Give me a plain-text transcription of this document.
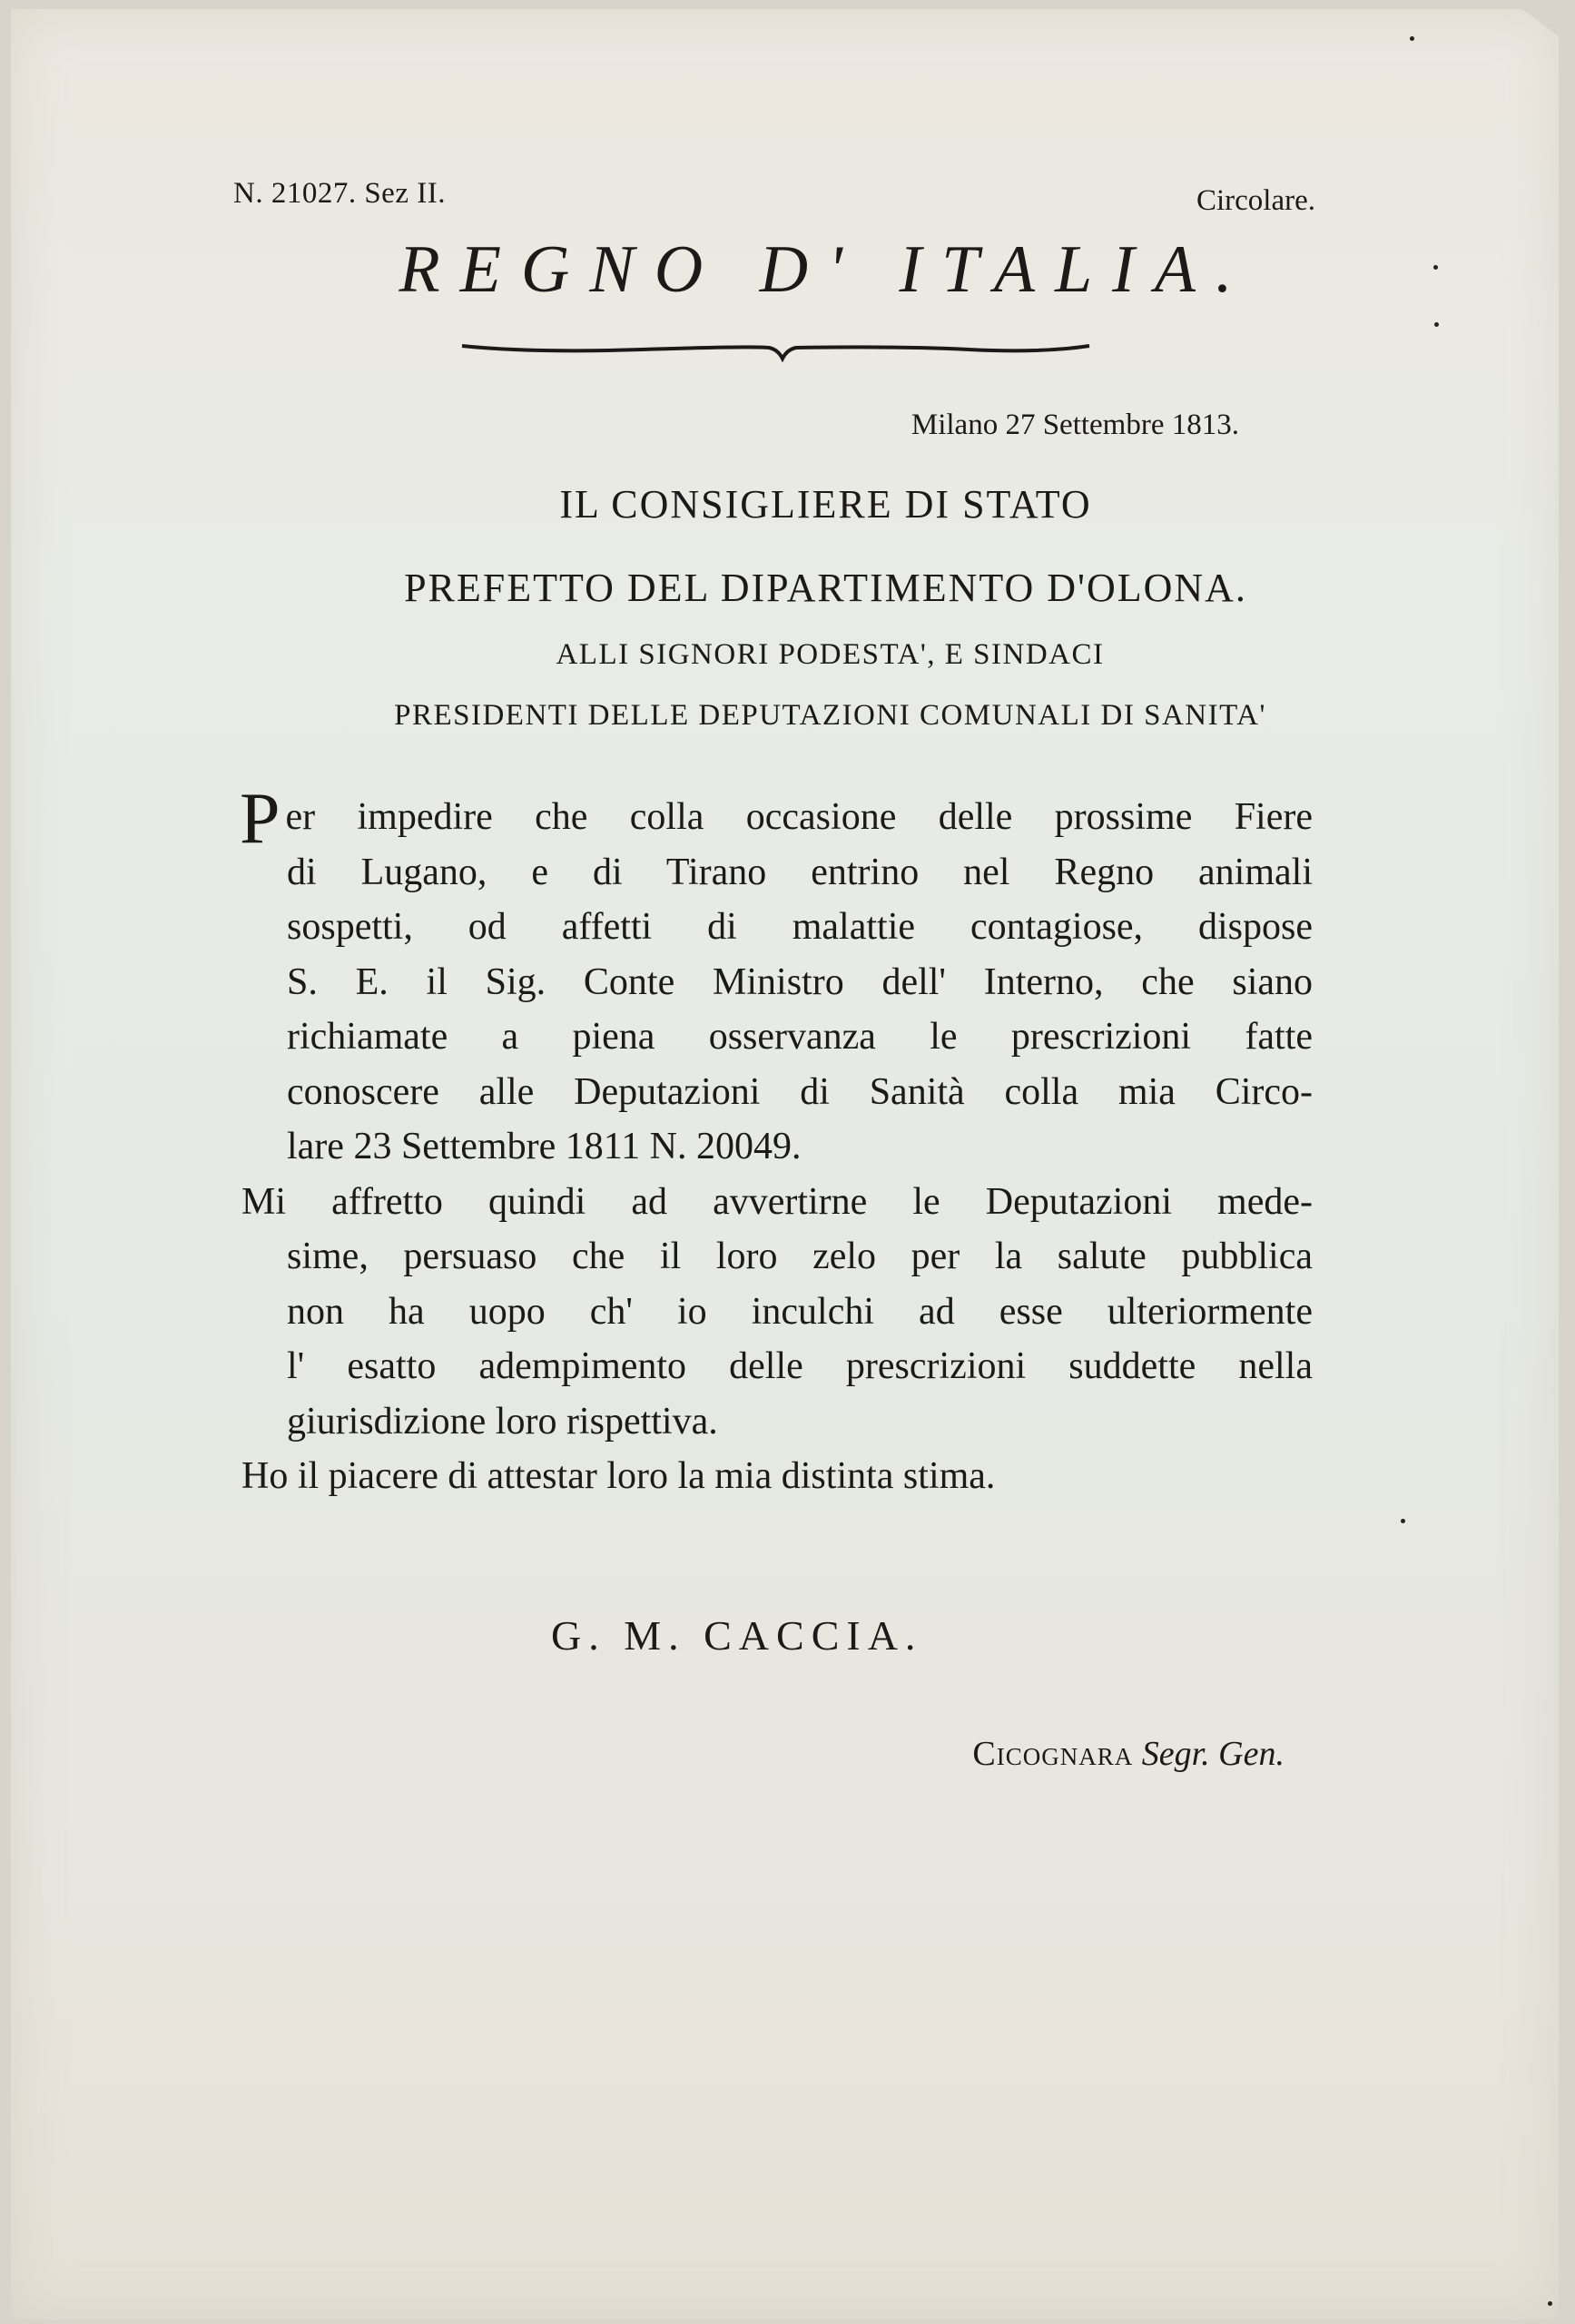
N. 21027. Sez II.	Circolare.
REGNO D' ITALIA.
Milano 27 Settembre 1813.
IL CONSIGLIERE DI STATO
PREFETTO DEL DIPARTIMENTO D'OLONA.
ALLI SIGNORI PODESTA', E SINDACI
PRESIDENTI DELLE DEPUTAZIONI COMUNALI DI SANITA'
P er impedire che colla occasione delle prossime Fiere
di Lugano, e di Tirano entrino nel Regno animali
sospetti, od affetti di malattie contagiose, dispose
S. E. il Sig. Conte Ministro dell' Interno, che siano
richiamate a piena osservanza le prescrizioni fatte
conoscere alle Deputazioni di Sanità colla mia Circo-
lare 23 Settembre 1811 N. 20049.
Mi affretto quindi ad avvertirne le Deputazioni mede-
sime, persuaso che il loro zelo per la salute pubblica
non ha uopo ch' io inculchi ad esse ulteriormente
l' esatto adempimento delle prescrizioni suddette nella
giurisdizione loro rispettiva.
Ho il piacere di attestar loro la mia distinta stima.
G. M. CACCIA.
Cicognara Segr. Gen.
